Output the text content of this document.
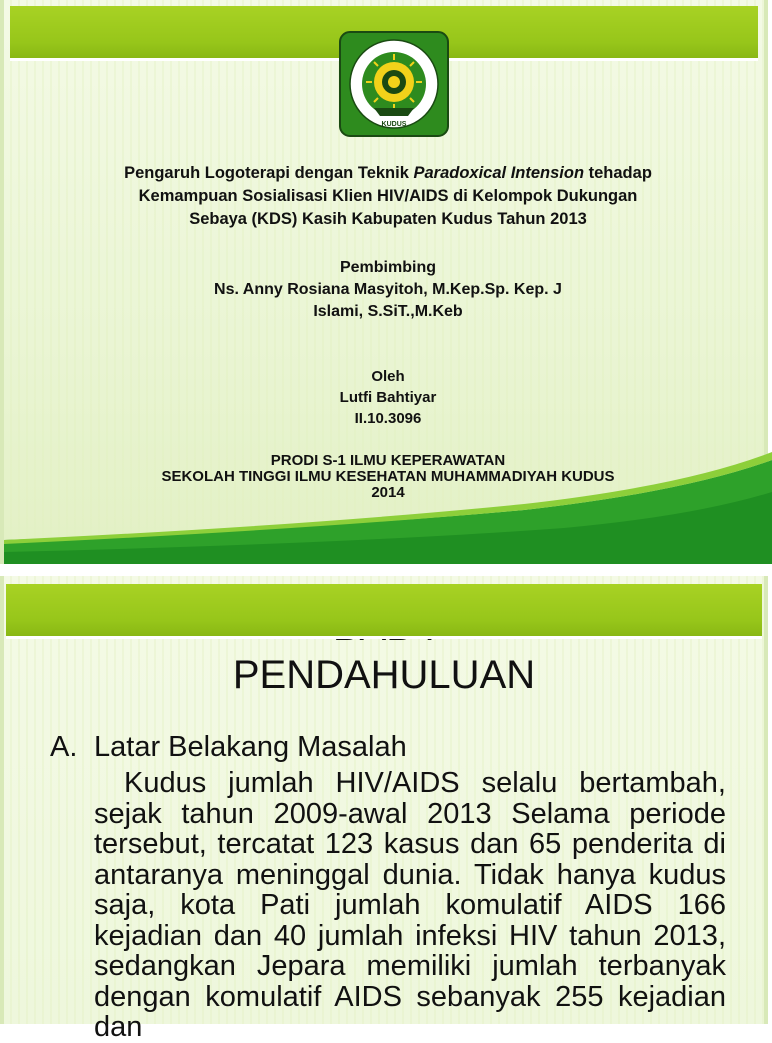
KUDUS
Pengaruh Logoterapi dengan Teknik Paradoxical Intension tehadap
Kemampuan Sosialisasi Klien HIV/AIDS di Kelompok Dukungan
Sebaya (KDS) Kasih Kabupaten Kudus Tahun 2013
Pembimbing
Ns. Anny Rosiana Masyitoh, M.Kep.Sp. Kep. J
Islami, S.SiT.,M.Keb
Oleh
Lutfi Bahtiyar
II.10.3096
PRODI S-1 ILMU KEPERAWATAN
SEKOLAH TINGGI ILMU KESEHATAN MUHAMMADIYAH KUDUS
2014
PENDAHULUAN
A. Latar Belakang Masalah
Kudus jumlah HIV/AIDS selalu bertambah, sejak tahun 2009-awal 2013 Selama periode tersebut, tercatat 123 kasus dan 65 penderita di antaranya meninggal dunia. Tidak hanya kudus saja, kota Pati jumlah komulatif AIDS 166 kejadian dan 40 jumlah infeksi HIV tahun 2013, sedangkan Jepara memiliki jumlah terbanyak dengan komulatif AIDS sebanyak 255 kejadian dan
